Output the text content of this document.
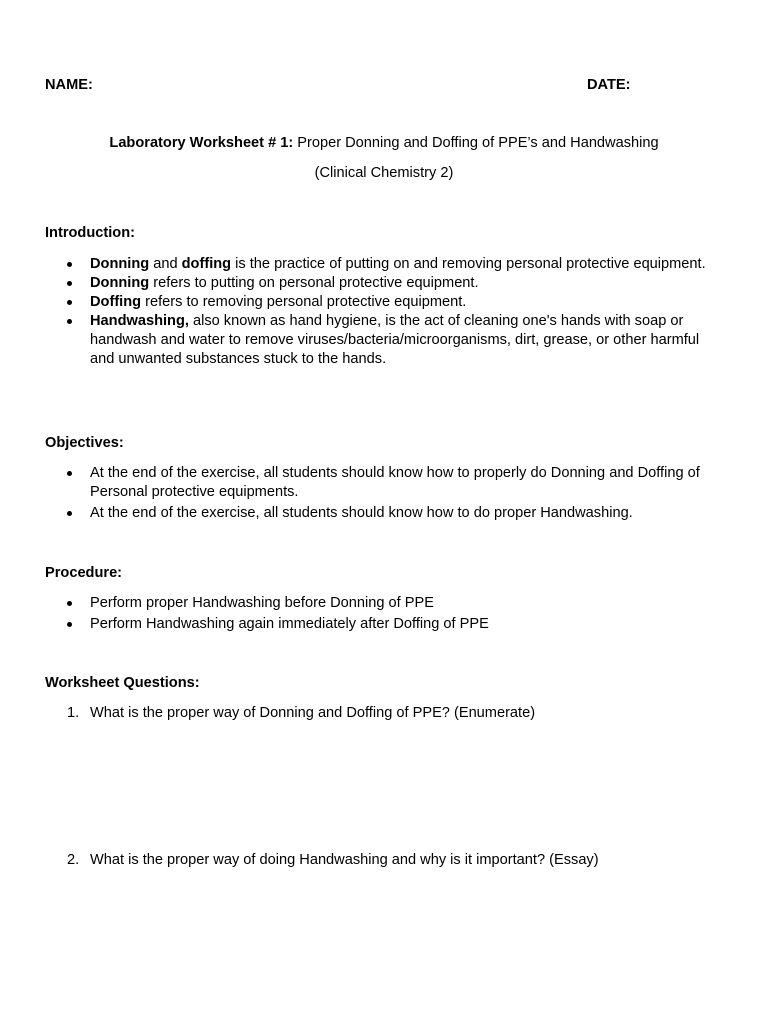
NAME:	DATE:
Laboratory Worksheet # 1: Proper Donning and Doffing of PPE’s and Handwashing
(Clinical Chemistry 2)
Introduction:
Donning and doffing is the practice of putting on and removing personal protective equipment.
Donning refers to putting on personal protective equipment.
Doffing refers to removing personal protective equipment.
Handwashing, also known as hand hygiene, is the act of cleaning one's hands with soap or handwash and water to remove viruses/bacteria/microorganisms, dirt, grease, or other harmful and unwanted substances stuck to the hands.
Objectives:
At the end of the exercise, all students should know how to properly do Donning and Doffing of Personal protective equipments.
At the end of the exercise, all students should know how to do proper Handwashing.
Procedure:
Perform proper Handwashing before Donning of PPE
Perform Handwashing again immediately after Doffing of PPE
Worksheet Questions:
1. What is the proper way of Donning and Doffing of PPE? (Enumerate)
2. What is the proper way of doing Handwashing and why is it important? (Essay)
